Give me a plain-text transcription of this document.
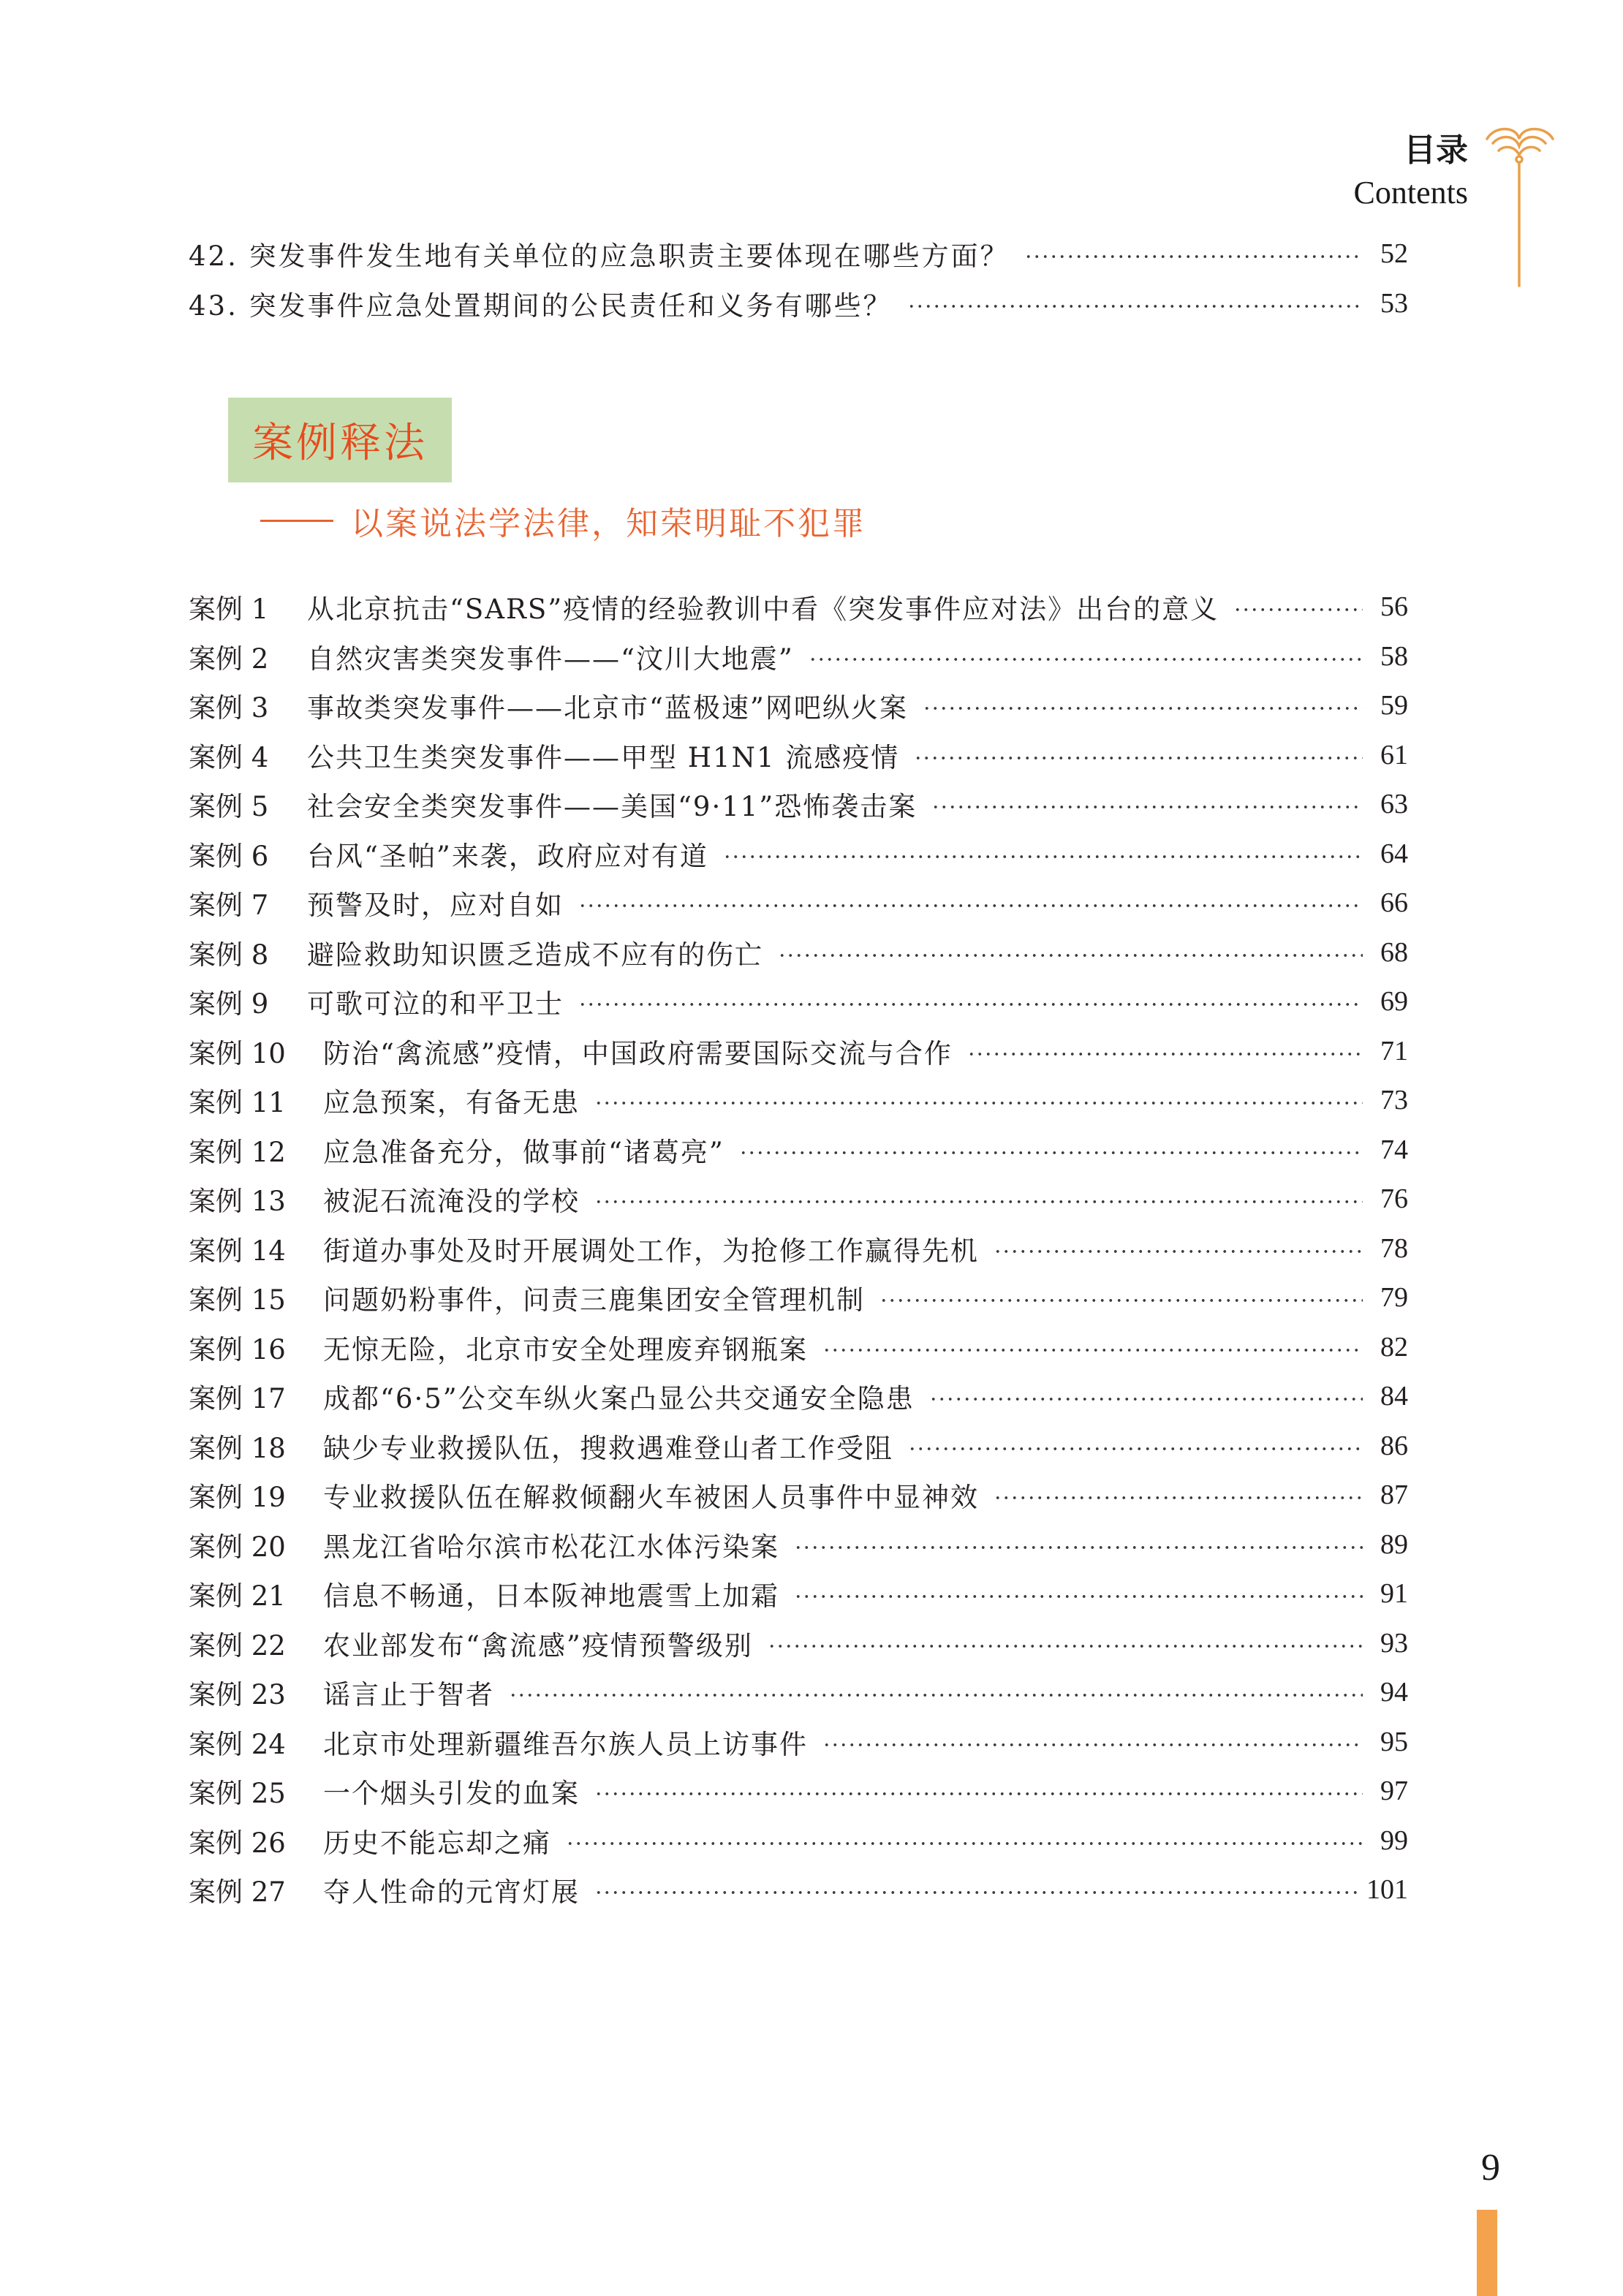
目录
Contents
42. 突发事件发生地有关单位的应急职责主要体现在哪些方面？	52
43. 突发事件应急处置期间的公民责任和义务有哪些？	53
案例释法
以案说法学法律，知荣明耻不犯罪
案例 1	从北京抗击“SARS”疫情的经验教训中看《突发事件应对法》出台的意义	56
案例 2	自然灾害类突发事件——“汶川大地震”	58
案例 3	事故类突发事件——北京市“蓝极速”网吧纵火案	59
案例 4	公共卫生类突发事件——甲型 H1N1 流感疫情	61
案例 5	社会安全类突发事件——美国“9·11”恐怖袭击案	63
案例 6	台风“圣帕”来袭，政府应对有道	64
案例 7	预警及时，应对自如	66
案例 8	避险救助知识匮乏造成不应有的伤亡	68
案例 9	可歌可泣的和平卫士	69
案例 10	防治“禽流感”疫情，中国政府需要国际交流与合作	71
案例 11	应急预案，有备无患	73
案例 12	应急准备充分，做事前“诸葛亮”	74
案例 13	被泥石流淹没的学校	76
案例 14	街道办事处及时开展调处工作，为抢修工作赢得先机	78
案例 15	问题奶粉事件，问责三鹿集团安全管理机制	79
案例 16	无惊无险，北京市安全处理废弃钢瓶案	82
案例 17	成都“6·5”公交车纵火案凸显公共交通安全隐患	84
案例 18	缺少专业救援队伍，搜救遇难登山者工作受阻	86
案例 19	专业救援队伍在解救倾翻火车被困人员事件中显神效	87
案例 20	黑龙江省哈尔滨市松花江水体污染案	89
案例 21	信息不畅通，日本阪神地震雪上加霜	91
案例 22	农业部发布“禽流感”疫情预警级别	93
案例 23	谣言止于智者	94
案例 24	北京市处理新疆维吾尔族人员上访事件	95
案例 25	一个烟头引发的血案	97
案例 26	历史不能忘却之痛	99
案例 27	夺人性命的元宵灯展	101
9
